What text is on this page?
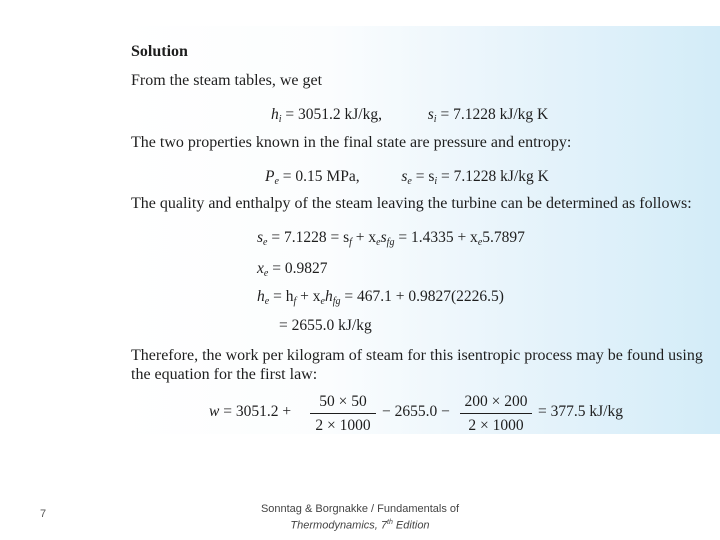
Solution
From the steam tables, we get
$h_i = 3051.2$ kJ/kg,	$s_i = 7.1228$ kJ/kg K
The two properties known in the final state are pressure and entropy:
$P_e = 0.15$ MPa,	$s_e = s_i = 7.1228$ kJ/kg K
The quality and enthalpy of the steam leaving the turbine can be determined as follows:
$s_e = 7.1228 = s_f + x_es_{fg} = 1.4335 + x_e5.7897$
$x_e = 0.9827$
$h_e = h_f + x_eh_{fg} = 467.1 + 0.9827(2226.5)$
= 2655.0 kJ/kg
Therefore, the work per kilogram of steam for this isentropic process may be found using
the equation for the first law:
$w = 3051.2 + \frac{50 \times 50}{2 \times 1000} - 2655.0 - \frac{200 \times 200}{2 \times 1000} = 377.5$ kJ/kg
7	Sonntag & Borgnakke / Fundamentals of
Thermodynamics, 7th Edition
